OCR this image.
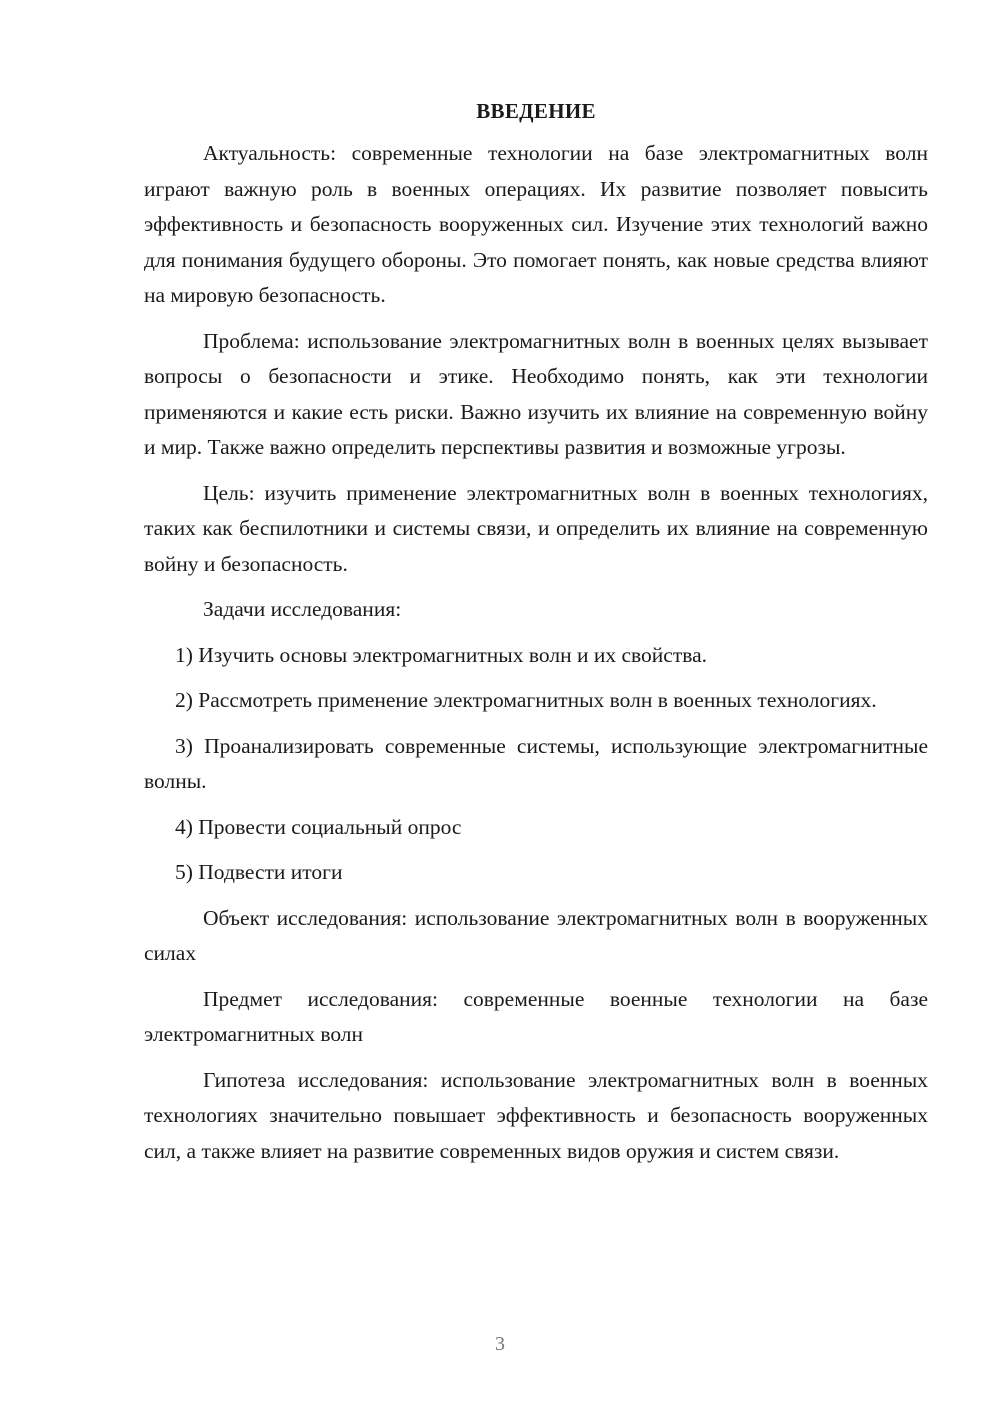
ВВЕДЕНИЕ

Актуальность: современные технологии на базе электромагнитных волн играют важную роль в военных операциях. Их развитие позволяет повысить эффективность и безопасность вооруженных сил. Изучение этих технологий важно для понимания будущего обороны. Это помогает понять, как новые средства влияют на мировую безопасность.

Проблема: использование электромагнитных волн в военных целях вызывает вопросы о безопасности и этике. Необходимо понять, как эти технологии применяются и какие есть риски. Важно изучить их влияние на современную войну и мир. Также важно определить перспективы развития и возможные угрозы.

Цель: изучить применение электромагнитных волн в военных технологиях, таких как беспилотники и системы связи, и определить их влияние на современную войну и безопасность.

Задачи исследования:

1) Изучить основы электромагнитных волн и их свойства.

2) Рассмотреть применение электромагнитных волн в военных технологиях.

3) Проанализировать современные системы, использующие электромагнитные волны.

4) Провести социальный опрос

5) Подвести итоги

Объект исследования: использование электромагнитных волн в вооруженных силах

Предмет исследования: современные военные технологии на базе электромагнитных волн

Гипотеза исследования: использование электромагнитных волн в военных технологиях значительно повышает эффективность и безопасность вооруженных сил, а также влияет на развитие современных видов оружия и систем связи.

3
